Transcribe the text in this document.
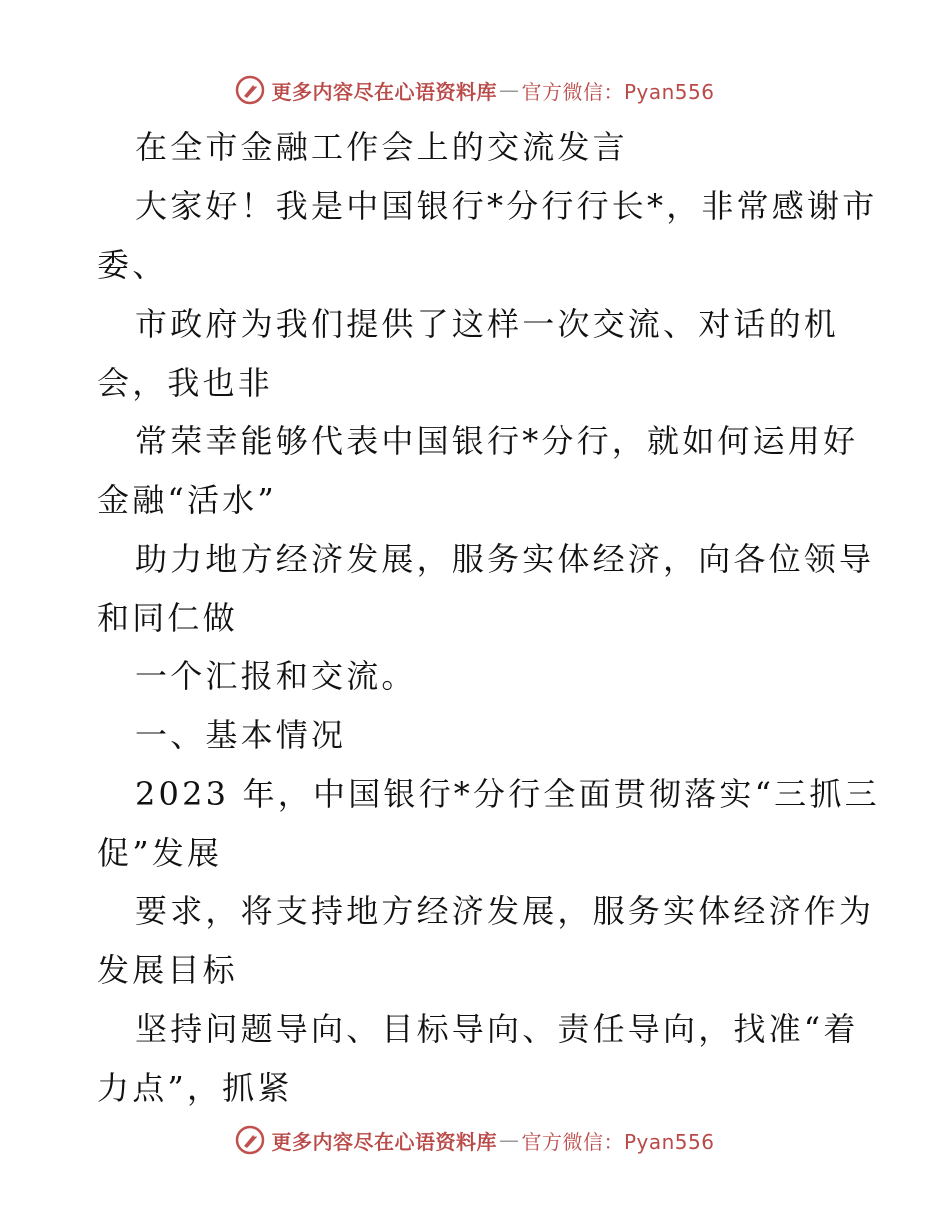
更多内容尽在心语资料库 — 官方微信：Pyan556
在全市金融工作会上的交流发言
大家好！我是中国银行*分行行长*，非常感谢市
委、
市政府为我们提供了这样一次交流、对话的机
会，我也非
常荣幸能够代表中国银行*分行，就如何运用好
金融“活水”
助力地方经济发展，服务实体经济，向各位领导
和同仁做
一个汇报和交流。
一、基本情况
2023 年，中国银行*分行全面贯彻落实“三抓三
促”发展
要求，将支持地方经济发展，服务实体经济作为
发展目标
坚持问题导向、目标导向、责任导向，找准“着
力点”，抓紧
更多内容尽在心语资料库 — 官方微信：Pyan556
